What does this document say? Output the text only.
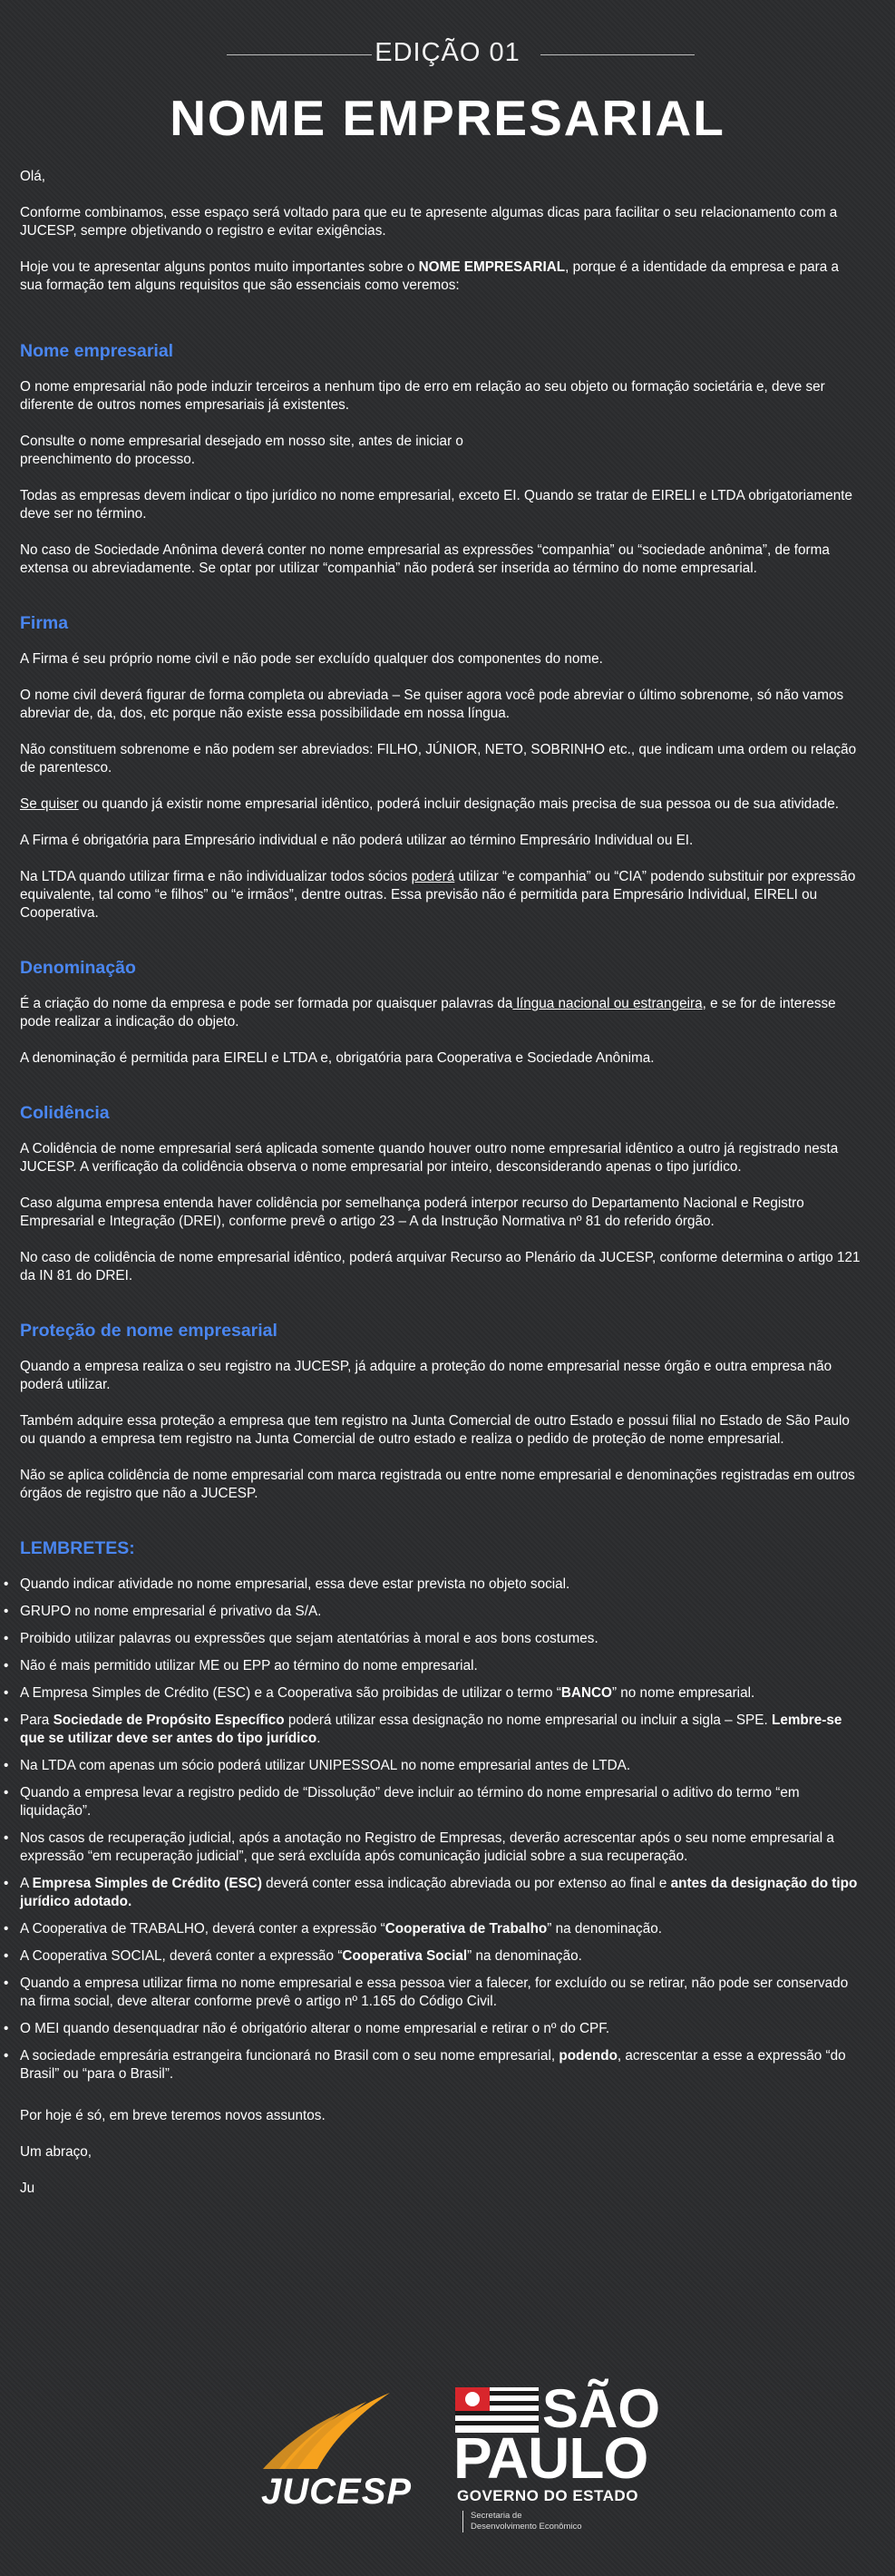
EDIÇÃO 01
NOME EMPRESARIAL

Olá,

Conforme combinamos, esse espaço será voltado para que eu te apresente algumas dicas para facilitar o seu relacionamento com a JUCESP, sempre objetivando o registro e evitar exigências.

Hoje vou te apresentar alguns pontos muito importantes sobre o NOME EMPRESARIAL, porque é a identidade da empresa e para a sua formação tem alguns requisitos que são essenciais como veremos:

Nome empresarial

O nome empresarial não pode induzir terceiros a nenhum tipo de erro em relação ao seu objeto ou formação societária e, deve ser diferente de outros nomes empresariais já existentes.

Consulte o nome empresarial desejado em nosso site, antes de iniciar o
preenchimento do processo.

Todas as empresas devem indicar o tipo jurídico no nome empresarial, exceto EI. Quando se tratar de EIRELI e LTDA obrigatoriamente deve ser no término.

No caso de Sociedade Anônima deverá conter no nome empresarial as expressões “companhia” ou “sociedade anônima”, de forma extensa ou abreviadamente. Se optar por utilizar “companhia” não poderá ser inserida ao término do nome empresarial.

Firma

A Firma é seu próprio nome civil e não pode ser excluído qualquer dos componentes do nome.

O nome civil deverá figurar de forma completa ou abreviada – Se quiser agora você pode abreviar o último sobrenome, só não vamos abreviar de, da, dos, etc porque não existe essa possibilidade em nossa língua.

Não constituem sobrenome e não podem ser abreviados: FILHO, JÚNIOR, NETO, SOBRINHO etc., que indicam uma ordem ou relação de parentesco.

Se quiser ou quando já existir nome empresarial idêntico, poderá incluir designação mais precisa de sua pessoa ou de sua atividade.

A Firma é obrigatória para Empresário individual e não poderá utilizar ao término Empresário Individual ou EI.

Na LTDA quando utilizar firma e não individualizar todos sócios poderá utilizar “e companhia” ou “CIA” podendo substituir por expressão equivalente, tal como “e filhos” ou “e irmãos”, dentre outras. Essa previsão não é permitida para Empresário Individual, EIRELI ou Cooperativa.

Denominação

É a criação do nome da empresa e pode ser formada por quaisquer palavras da língua nacional ou estrangeira, e se for de interesse pode realizar a indicação do objeto.

A denominação é permitida para EIRELI e LTDA e, obrigatória para Cooperativa e Sociedade Anônima.

Colidência

A Colidência de nome empresarial será aplicada somente quando houver outro nome empresarial idêntico a outro já registrado nesta JUCESP. A verificação da colidência observa o nome empresarial por inteiro, desconsiderando apenas o tipo jurídico.

Caso alguma empresa entenda haver colidência por semelhança poderá interpor recurso do Departamento Nacional e Registro Empresarial e Integração (DREI), conforme prevê o artigo 23 – A da Instrução Normativa nº 81 do referido órgão.

No caso de colidência de nome empresarial idêntico, poderá arquivar Recurso ao Plenário da JUCESP, conforme determina o artigo 121 da IN 81 do DREI.

Proteção de nome empresarial

Quando a empresa realiza o seu registro na JUCESP, já adquire a proteção do nome empresarial nesse órgão e outra empresa não poderá utilizar.

Também adquire essa proteção a empresa que tem registro na Junta Comercial de outro Estado e possui filial no Estado de São Paulo ou quando a empresa tem registro na Junta Comercial de outro estado e realiza o pedido de proteção de nome empresarial.

Não se aplica colidência de nome empresarial com marca registrada ou entre nome empresarial e denominações registradas em outros órgãos de registro que não a JUCESP.

LEMBRETES:
• Quando indicar atividade no nome empresarial, essa deve estar prevista no objeto social.
• GRUPO no nome empresarial é privativo da S/A.
• Proibido utilizar palavras ou expressões que sejam atentatórias à moral e aos bons costumes.
• Não é mais permitido utilizar ME ou EPP ao término do nome empresarial.
• A Empresa Simples de Crédito (ESC) e a Cooperativa são proibidas de utilizar o termo “BANCO” no nome empresarial.
• Para Sociedade de Propósito Específico poderá utilizar essa designação no nome empresarial ou incluir a sigla – SPE. Lembre-se que se utilizar deve ser antes do tipo jurídico.
• Na LTDA com apenas um sócio poderá utilizar UNIPESSOAL no nome empresarial antes de LTDA.
• Quando a empresa levar a registro pedido de “Dissolução” deve incluir ao término do nome empresarial o aditivo do termo “em liquidação”.
• Nos casos de recuperação judicial, após a anotação no Registro de Empresas, deverão acrescentar após o seu nome empresarial a expressão “em recuperação judicial”, que será excluída após comunicação judicial sobre a sua recuperação.
• A Empresa Simples de Crédito (ESC) deverá conter essa indicação abreviada ou por extenso ao final e antes da designação do tipo jurídico adotado.
• A Cooperativa de TRABALHO, deverá conter a expressão “Cooperativa de Trabalho” na denominação.
• A Cooperativa SOCIAL, deverá conter a expressão “Cooperativa Social” na denominação.
• Quando a empresa utilizar firma no nome empresarial e essa pessoa vier a falecer, for excluído ou se retirar, não pode ser conservado na firma social, deve alterar conforme prevê o artigo nº 1.165 do Código Civil.
• O MEI quando desenquadrar não é obrigatório alterar o nome empresarial e retirar o nº do CPF.
• A sociedade empresária estrangeira funcionará no Brasil com o seu nome empresarial, podendo, acrescentar a esse a expressão “do Brasil” ou “para o Brasil”.

Por hoje é só, em breve teremos novos assuntos.

Um abraço,

Ju

JUCESP
SÃO
PAULO
GOVERNO DO ESTADO
Secretaria de
Desenvolvimento Econômico
